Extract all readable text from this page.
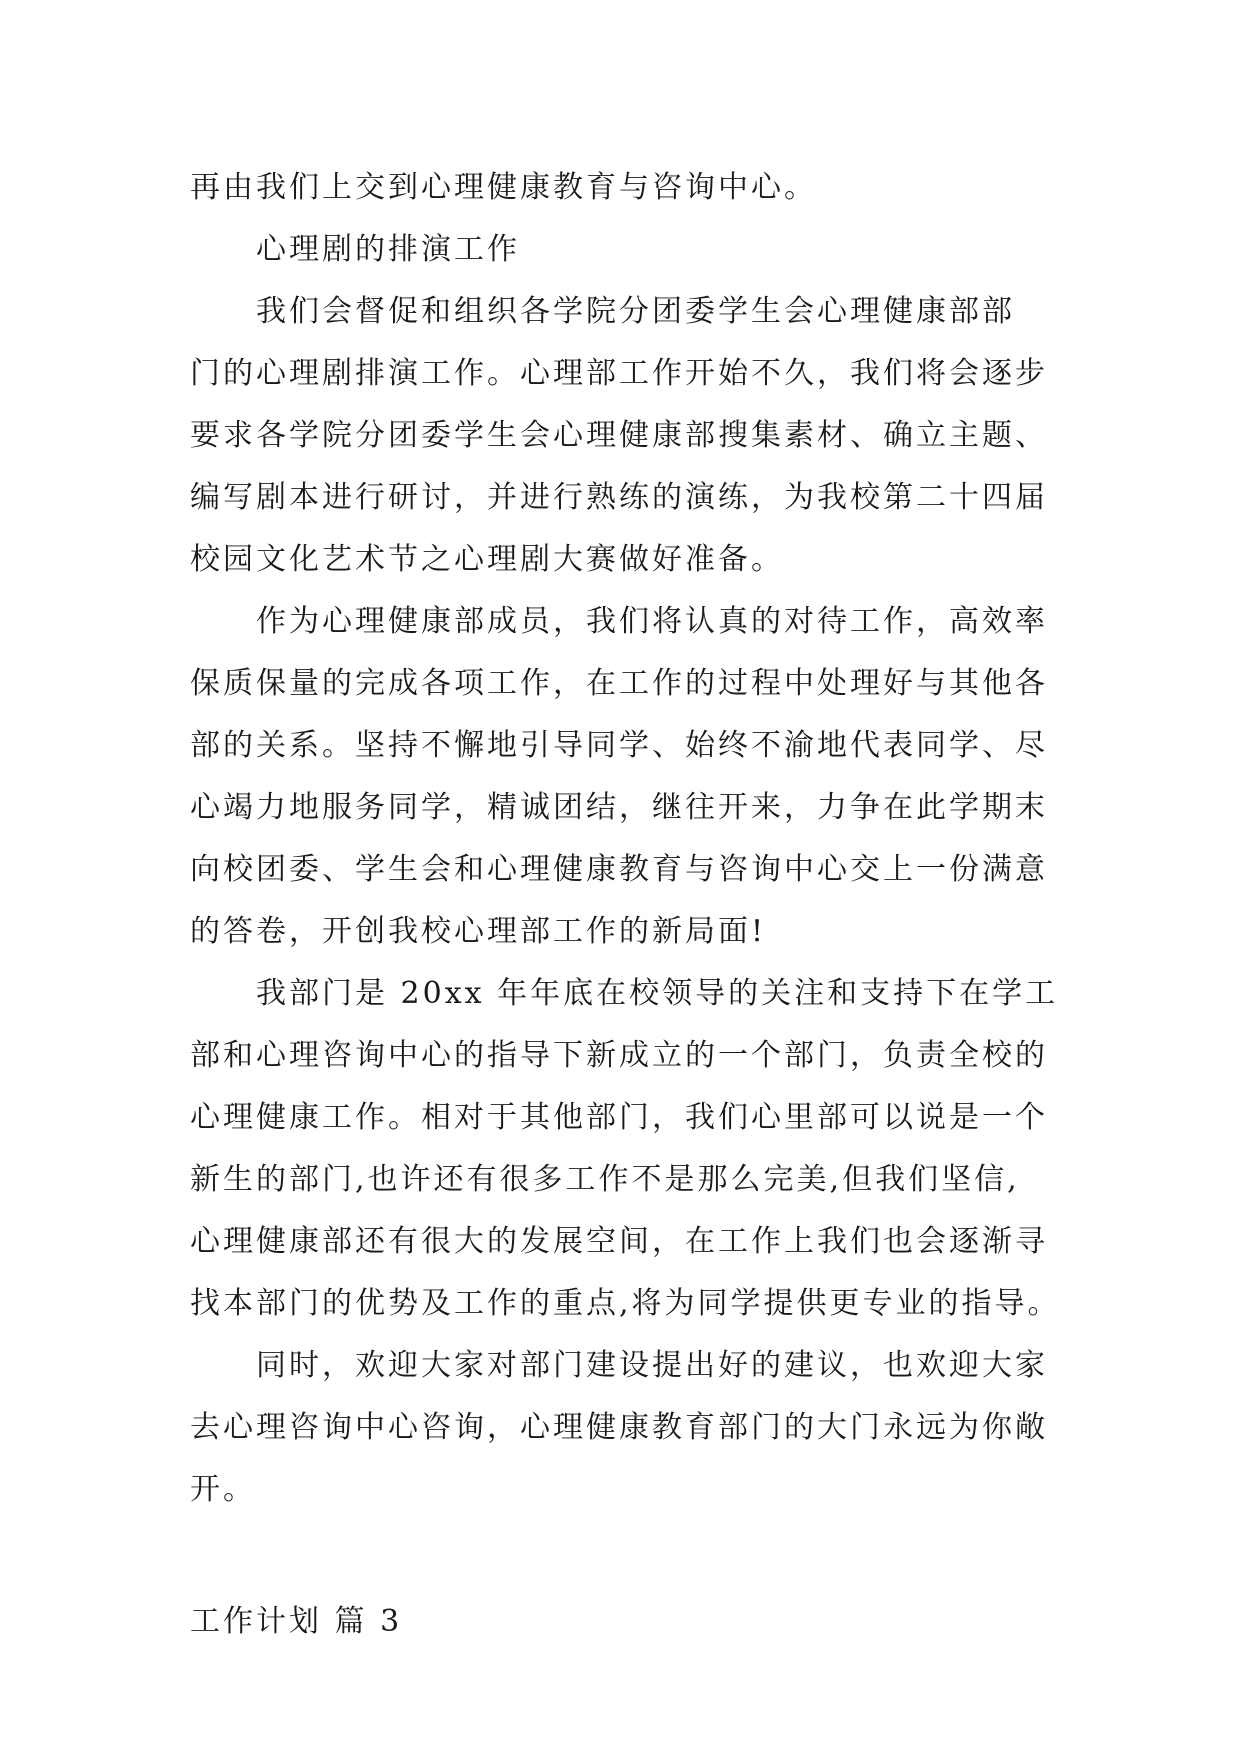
再由我们上交到心理健康教育与咨询中心。
心理剧的排演工作
我们会督促和组织各学院分团委学生会心理健康部部
门的心理剧排演工作。心理部工作开始不久，我们将会逐步
要求各学院分团委学生会心理健康部搜集素材、确立主题、
编写剧本进行研讨，并进行熟练的演练，为我校第二十四届
校园文化艺术节之心理剧大赛做好准备。
作为心理健康部成员，我们将认真的对待工作，高效率
保质保量的完成各项工作，在工作的过程中处理好与其他各
部的关系。坚持不懈地引导同学、始终不渝地代表同学、尽
心竭力地服务同学，精诚团结，继往开来，力争在此学期末
向校团委、学生会和心理健康教育与咨询中心交上一份满意
的答卷，开创我校心理部工作的新局面!
我部门是 20xx 年年底在校领导的关注和支持下在学工
部和心理咨询中心的指导下新成立的一个部门，负责全校的
心理健康工作。相对于其他部门，我们心里部可以说是一个
新生的部门,也许还有很多工作不是那么完美,但我们坚信,
心理健康部还有很大的发展空间，在工作上我们也会逐渐寻
找本部门的优势及工作的重点,将为同学提供更专业的指导。
同时，欢迎大家对部门建设提出好的建议，也欢迎大家
去心理咨询中心咨询，心理健康教育部门的大门永远为你敞
开。
工作计划 篇 3
